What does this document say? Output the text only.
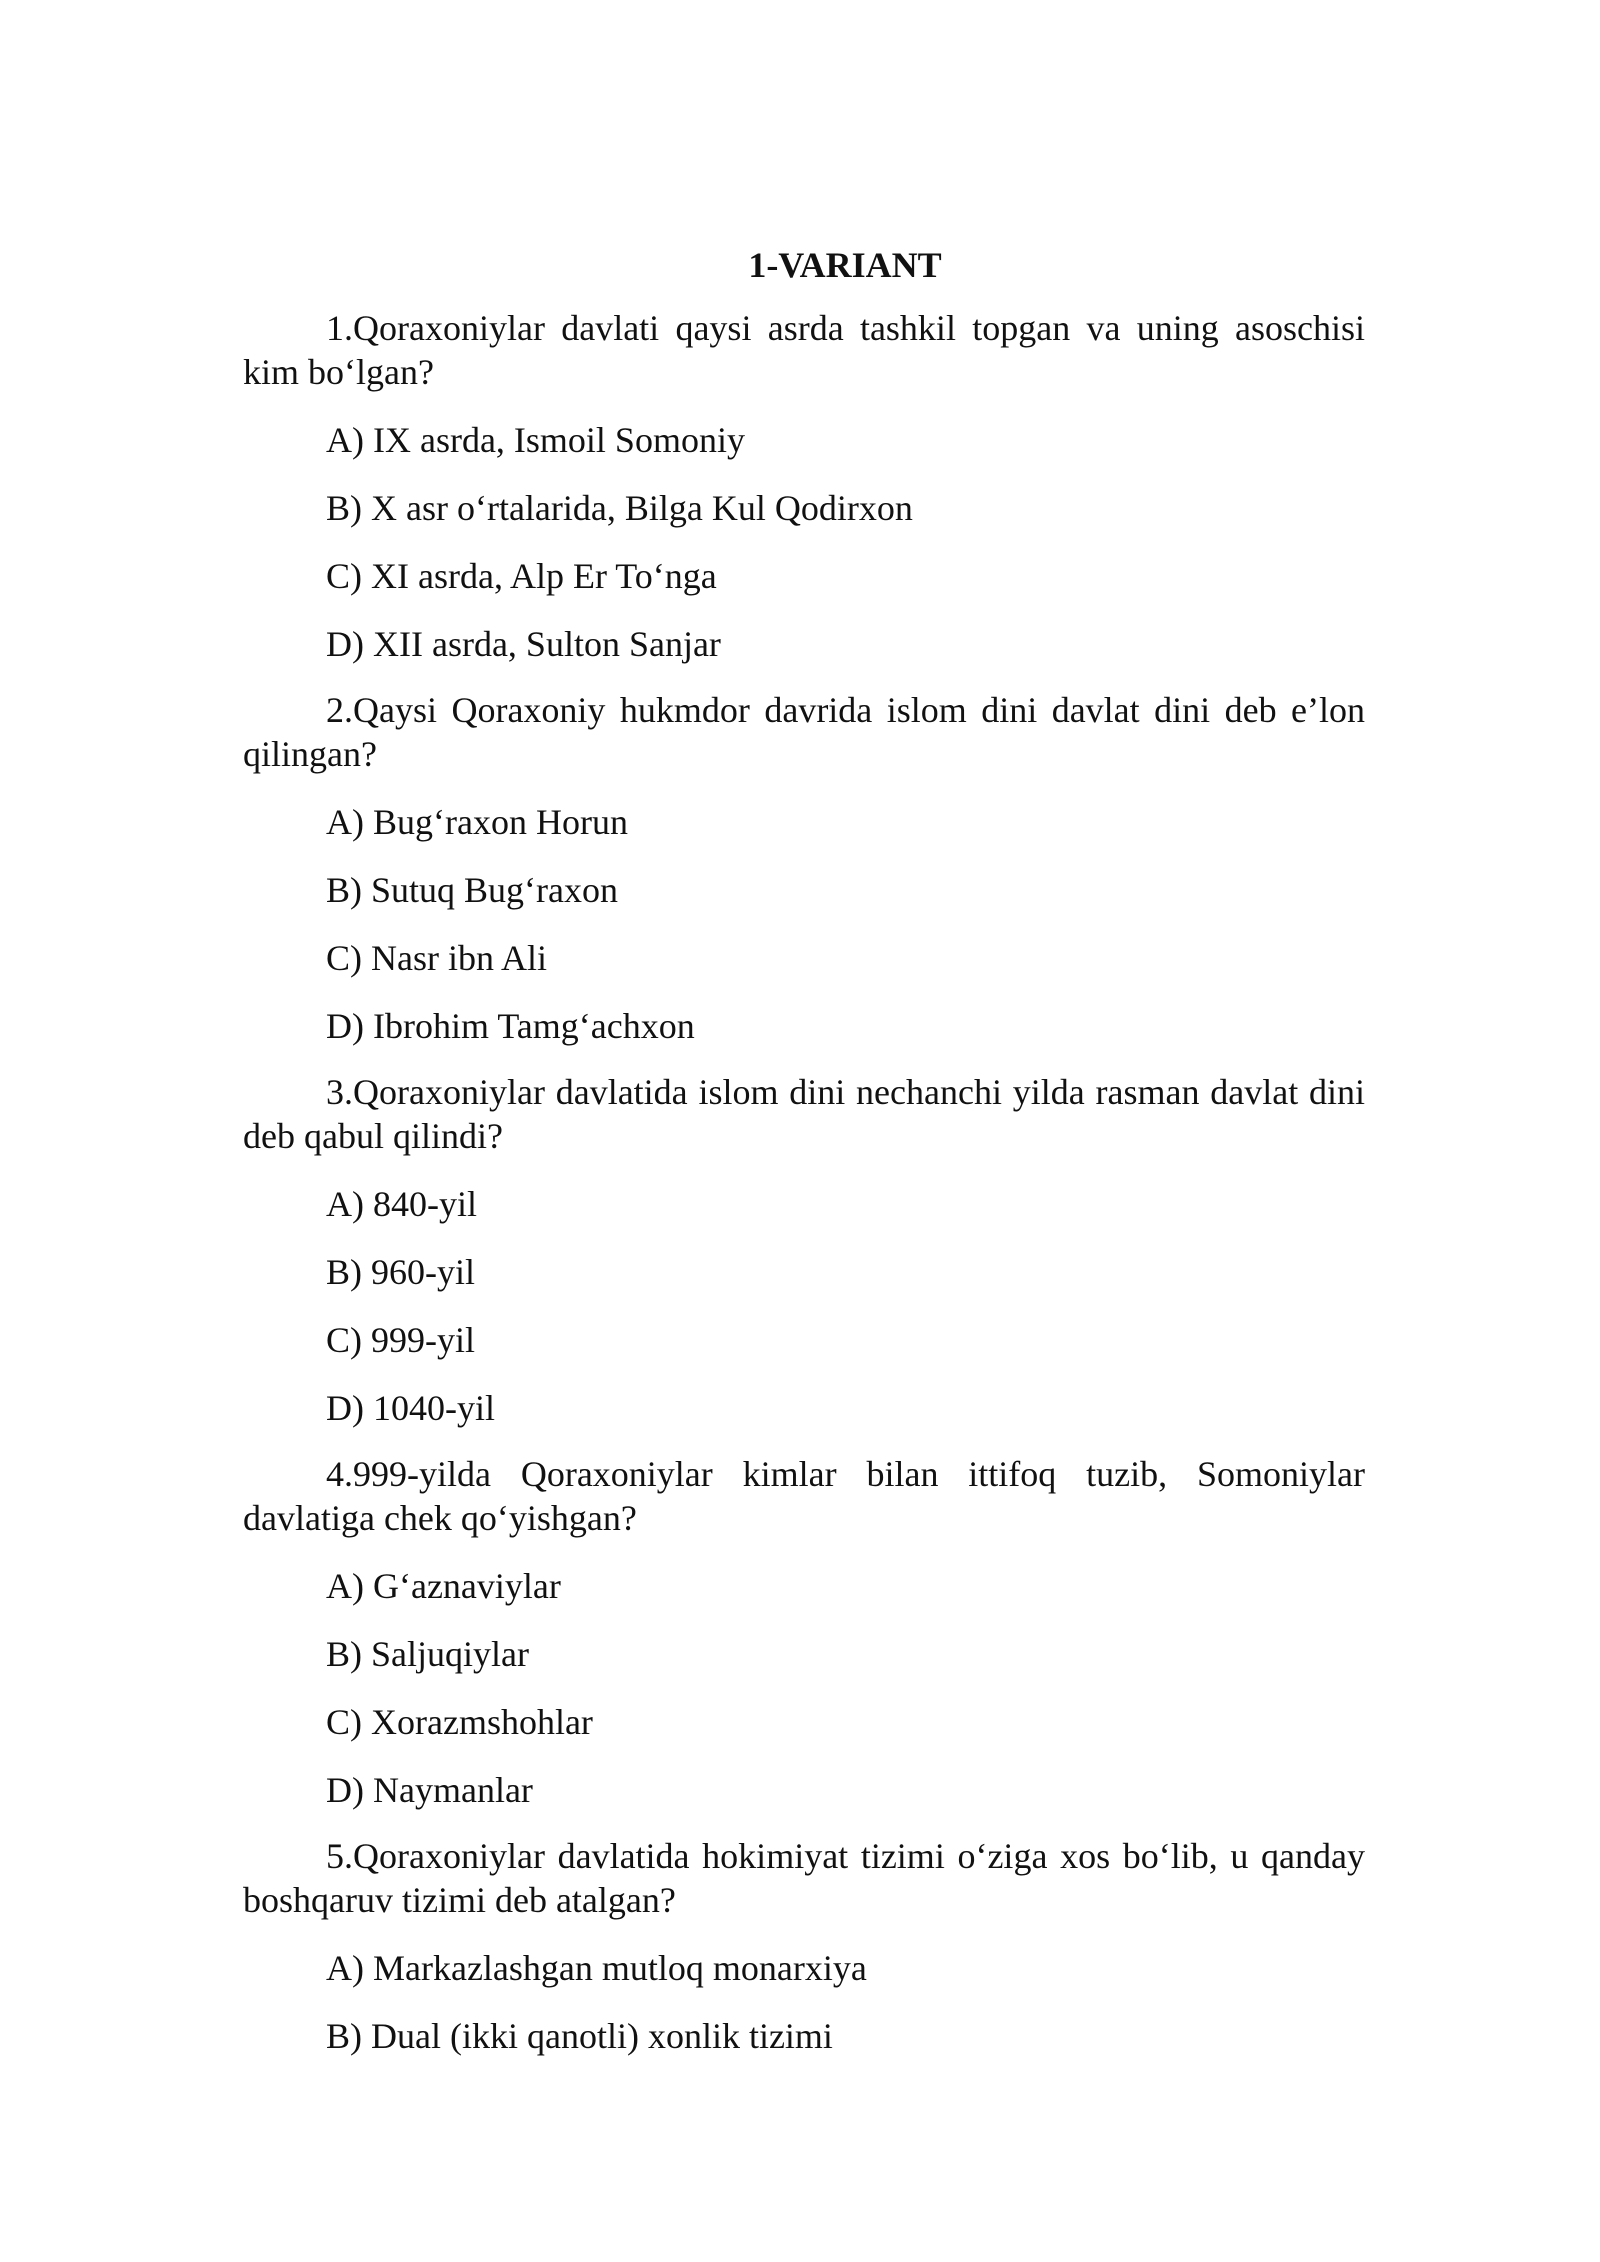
1-VARIANT

1.Qoraxoniylar davlati qaysi asrda tashkil topgan va uning asoschisi kim bo‘lgan?

A) IX asrda, Ismoil Somoniy
B) X asr o‘rtalarida, Bilga Kul Qodirxon
C) XI asrda, Alp Er To‘nga
D) XII asrda, Sulton Sanjar

2.Qaysi Qoraxoniy hukmdor davrida islom dini davlat dini deb e’lon qilingan?

A) Bug‘raxon Horun
B) Sutuq Bug‘raxon
C) Nasr ibn Ali
D) Ibrohim Tamg‘achxon

3.Qoraxoniylar davlatida islom dini nechanchi yilda rasman davlat dini deb qabul qilindi?

A) 840-yil
B) 960-yil
C) 999-yil
D) 1040-yil

4.999-yilda Qoraxoniylar kimlar bilan ittifoq tuzib, Somoniylar davlatiga chek qo‘yishgan?

A) G‘aznaviylar
B) Saljuqiylar
C) Xorazmshohlar
D) Naymanlar

5.Qoraxoniylar davlatida hokimiyat tizimi o‘ziga xos bo‘lib, u qanday boshqaruv tizimi deb atalgan?

A) Markazlashgan mutloq monarxiya
B) Dual (ikki qanotli) xonlik tizimi
